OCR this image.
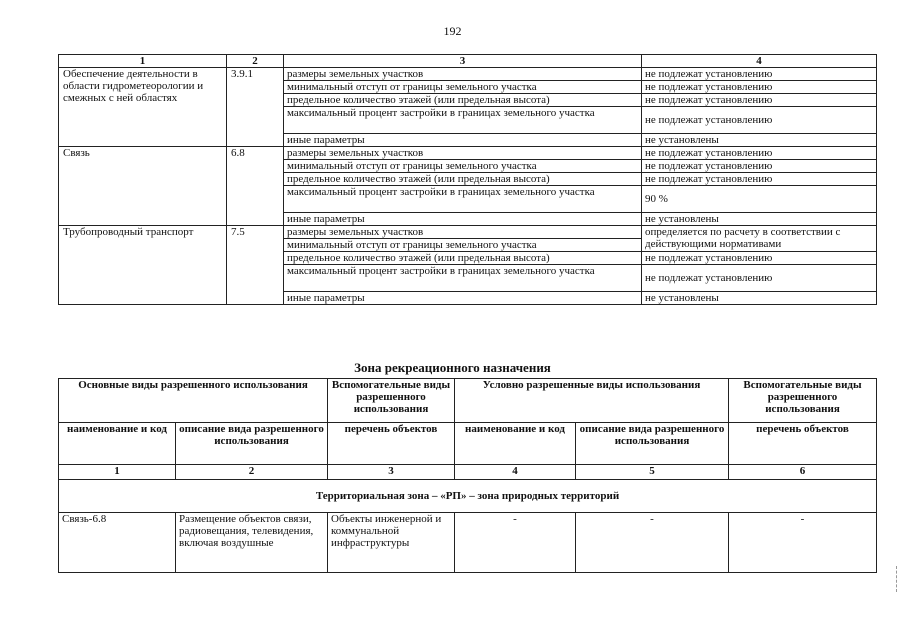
192
1	2	3	4
Обеспечение деятельности в области гидрометеорологии и смежных с ней областях	3.9.1	размеры земельных участков	не подлежат установлению
		минимальный отступ от границы земельного участка	не подлежат установлению
		предельное количество этажей (или предельная высота)	не подлежат установлению
		максимальный процент застройки в границах земельного участка	не подлежат установлению
		иные параметры	не установлены
Связь	6.8	размеры земельных участков	не подлежат установлению
		минимальный отступ от границы земельного участка	не подлежат установлению
		предельное количество этажей (или предельная высота)	не подлежат установлению
		максимальный процент застройки в границах земельного участка	90 %
		иные параметры	не установлены
Трубопроводный транспорт	7.5	размеры земельных участков	определяется по расчету в соответствии с действующими нормативами
		минимальный отступ от границы земельного участка	
		предельное количество этажей (или предельная высота)	не подлежат установлению
		максимальный процент застройки в границах земельного участка	не подлежат установлению
		иные параметры	не установлены
Зона рекреационного назначения
Основные виды разрешенного использования		Вспомогательные виды разрешенного использования	Условно разрешенные виды использования		Вспомогательные виды разрешенного использования
наименование и код	описание вида разрешенного использования	перечень объектов	наименование и код	описание вида разрешенного использования	перечень объектов
1	2	3	4	5	6
Территориальная зона – «РП» – зона природных территорий					
Связь-6.8	Размещение объектов связи, радиовещания, телевидения, включая воздушные	Объекты инженерной и коммунальной инфраструктуры	-	-	-
